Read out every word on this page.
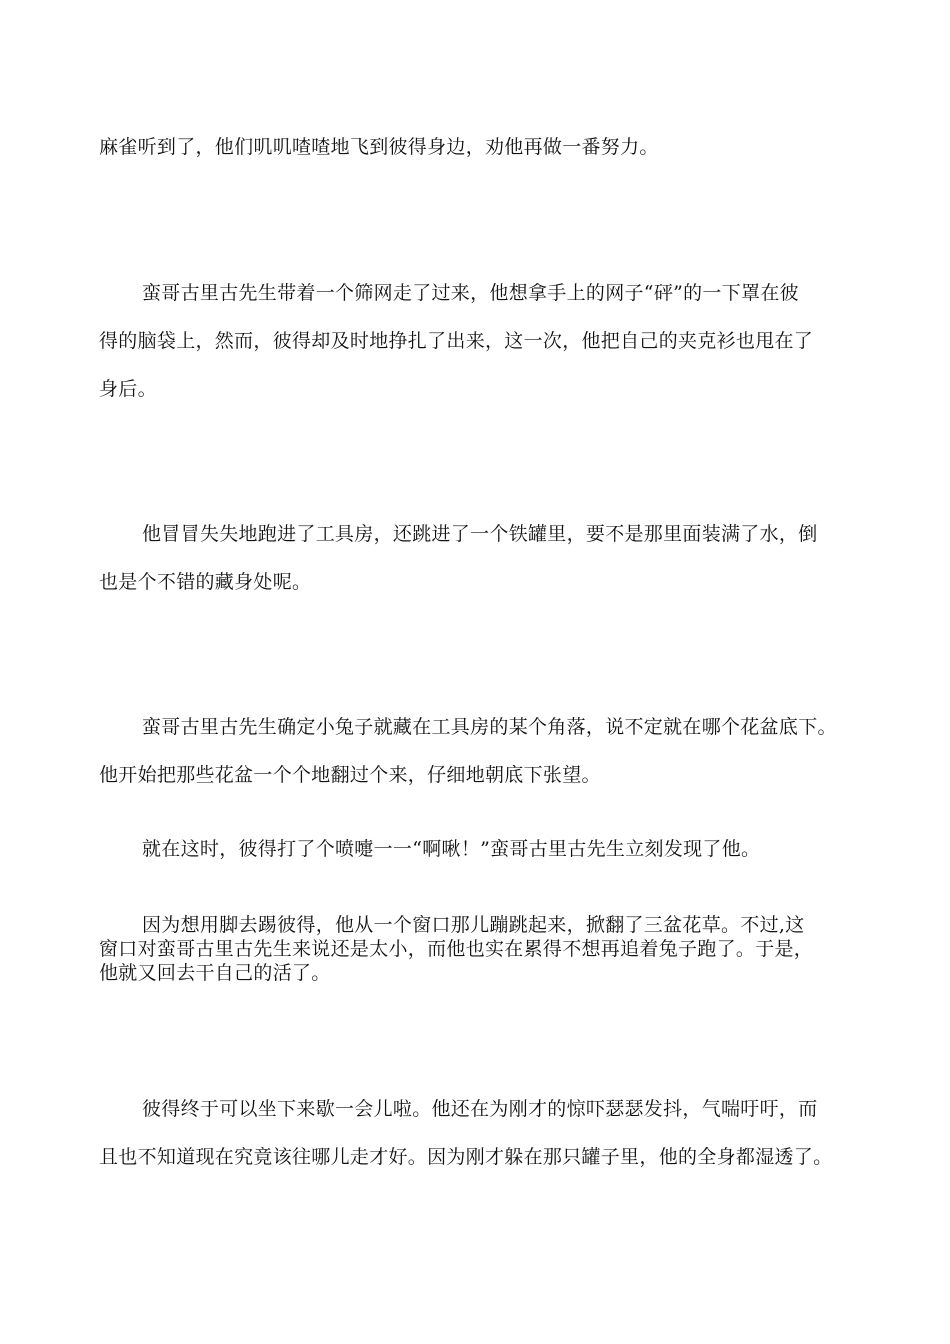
麻雀听到了，他们叽叽喳喳地飞到彼得身边，劝他再做一番努力。
蛮哥古里古先生带着一个筛网走了过来，他想拿手上的网子“砰”的一下罩在彼
得的脑袋上，然而，彼得却及时地挣扎了出来，这一次，他把自己的夹克衫也甩在了
身后。
他冒冒失失地跑进了工具房，还跳进了一个铁罐里，要不是那里面装满了水，倒
也是个不错的藏身处呢。
蛮哥古里古先生确定小兔子就藏在工具房的某个角落，说不定就在哪个花盆底下。
他开始把那些花盆一个个地翻过个来，仔细地朝底下张望。
就在这时，彼得打了个喷嚏一一“啊啾！”蛮哥古里古先生立刻发现了他。
因为想用脚去踢彼得，他从一个窗口那儿蹦跳起来，掀翻了三盆花草。不过,这
窗口对蛮哥古里古先生来说还是太小，而他也实在累得不想再追着兔子跑了。于是，
他就又回去干自己的活了。
彼得终于可以坐下来歇一会儿啦。他还在为刚才的惊吓瑟瑟发抖，气喘吁吁，而
且也不知道现在究竟该往哪儿走才好。因为刚才躲在那只罐子里，他的全身都湿透了。
